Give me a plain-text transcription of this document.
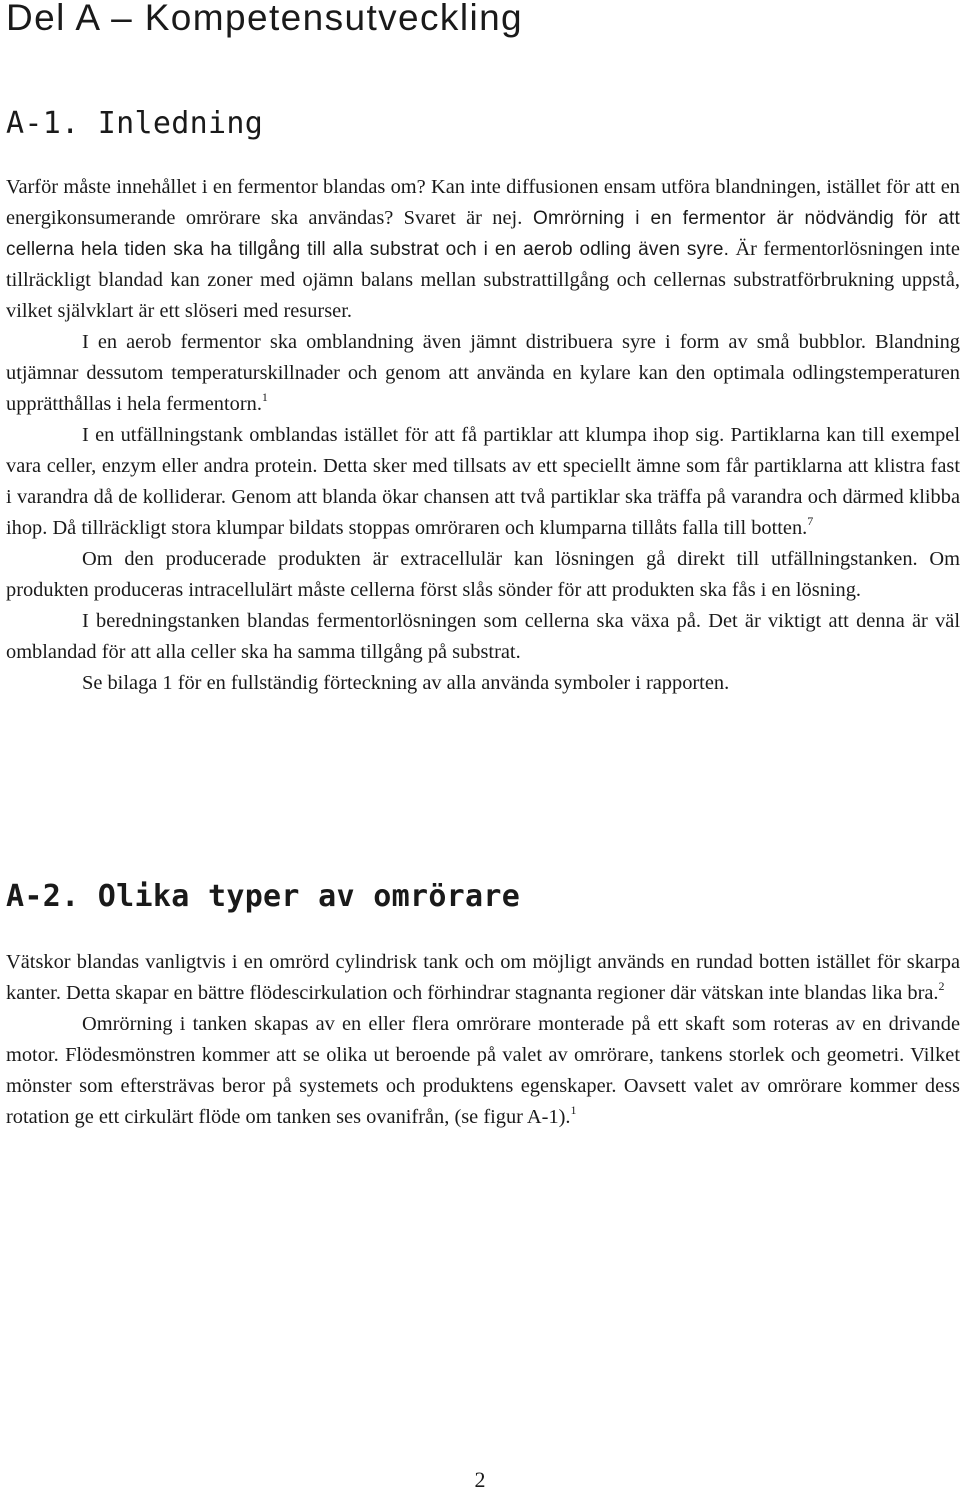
Del A – Kompetensutveckling
A-1. Inledning

Varför måste innehållet i en fermentor blandas om? Kan inte diffusionen ensam utföra blandningen, istället för att en energikonsumerande omrörare ska användas? Svaret är nej. Omrörning i en fermentor är nödvändig för att cellerna hela tiden ska ha tillgång till alla substrat och i en aerob odling även syre. Är fermentorlösningen inte tillräckligt blandad kan zoner med ojämn balans mellan substrattillgång och cellernas substratförbrukning uppstå, vilket självklart är ett slöseri med resurser.

I en aerob fermentor ska omblandning även jämnt distribuera syre i form av små bubblor. Blandning utjämnar dessutom temperaturskillnader och genom att använda en kylare kan den optimala odlingstemperaturen upprätthållas i hela fermentorn.$^1$

I en utfällningstank omblandas istället för att få partiklar att klumpa ihop sig. Partiklarna kan till exempel vara celler, enzym eller andra protein. Detta sker med tillsats av ett speciellt ämne som får partiklarna att klistra fast i varandra då de kolliderar. Genom att blanda ökar chansen att två partiklar ska träffa på varandra och därmed klibba ihop. Då tillräckligt stora klumpar bildats stoppas omröraren och klumparna tillåts falla till botten.$^7$

Om den producerade produkten är extracellulär kan lösningen gå direkt till utfällningstanken. Om produkten produceras intracellulärt måste cellerna först slås sönder för att produkten ska fås i en lösning.

I beredningstanken blandas fermentorlösningen som cellerna ska växa på. Det är viktigt att denna är väl omblandad för att alla celler ska ha samma tillgång på substrat.

Se bilaga 1 för en fullständig förteckning av alla använda symboler i rapporten.

A-2. Olika typer av omrörare

Vätskor blandas vanligtvis i en omrörd cylindrisk tank och om möjligt används en rundad botten istället för skarpa kanter. Detta skapar en bättre flödescirkulation och förhindrar stagnanta regioner där vätskan inte blandas lika bra.$^2$

Omrörning i tanken skapas av en eller flera omrörare monterade på ett skaft som roteras av en drivande motor. Flödesmönstren kommer att se olika ut beroende på valet av omrörare, tankens storlek och geometri. Vilket mönster som eftersträvas beror på systemets och produktens egenskaper. Oavsett valet av omrörare kommer dess rotation ge ett cirkulärt flöde om tanken ses ovanifrån, (se figur A-1).$^1$

2
